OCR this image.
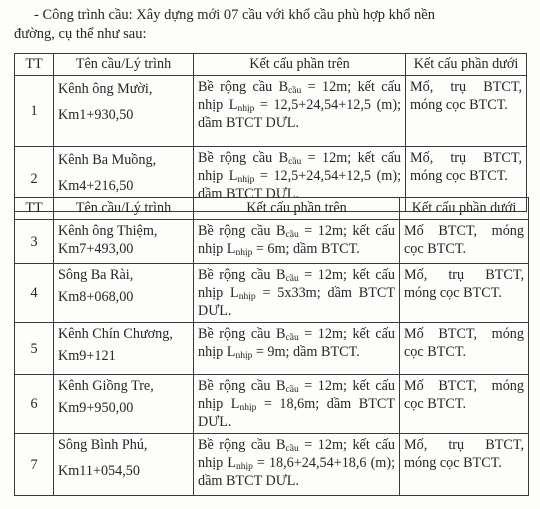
- Công trình cầu: Xây dựng mới 07 cầu với khổ cầu phù hợp khổ nền

đường, cụ thể như sau:

TT	Tên cầu/Lý trình	Kết cấu phần trên	Kết cấu phần dưới
1	Kênh ông Mười,
Km1+930,50	Bề rộng cầu $B_{cầu} = 12m$; kết cấu nhịp $L_{nhịp} = 12,5+24,54+12,5$ (m); dầm BTCT DƯL.	Mố, trụ BTCT, móng cọc BTCT.
2	Kênh Ba Muồng,
Km4+216,50	Bề rộng cầu $B_{cầu} = 12m$; kết cấu nhịp $L_{nhịp} = 12,5+24,54+12,5$ (m); dầm BTCT DƯL.	Mố, trụ BTCT, móng cọc BTCT.
TT	Tên cầu/Lý trình	Kết cấu phần trên	Kết cấu phần dưới
3	Kênh ông Thiệm,
Km7+493,00	Bề rộng cầu $B_{cầu} = 12m$; kết cấu nhịp $L_{nhịp} = 6m$; dầm BTCT.	Mố BTCT, móng cọc BTCT.
4	Sông Ba Rài,
Km8+068,00	Bề rộng cầu $B_{cầu} = 12m$; kết cấu nhịp $L_{nhịp} = 5x33m$; dầm BTCT DƯL.	Mố, trụ BTCT, móng cọc BTCT.
5	Kênh Chín Chương,
Km9+121	Bề rộng cầu $B_{cầu} = 12m$; kết cấu nhịp $L_{nhịp} = 9m$; dầm BTCT.	Mố BTCT, móng cọc BTCT.
6	Kênh Giồng Tre,
Km9+950,00	Bề rộng cầu $B_{cầu} = 12m$; kết cấu nhịp $L_{nhịp} = 18,6m$; dầm BTCT DƯL.	Mố BTCT, móng cọc BTCT.
7	Sông Bình Phú,
Km11+054,50	Bề rộng cầu $B_{cầu} = 12m$; kết cấu nhịp $L_{nhịp} = 18,6+24,54+18,6$ (m); dầm BTCT DƯL.	Mố, trụ BTCT, móng cọc BTCT.
